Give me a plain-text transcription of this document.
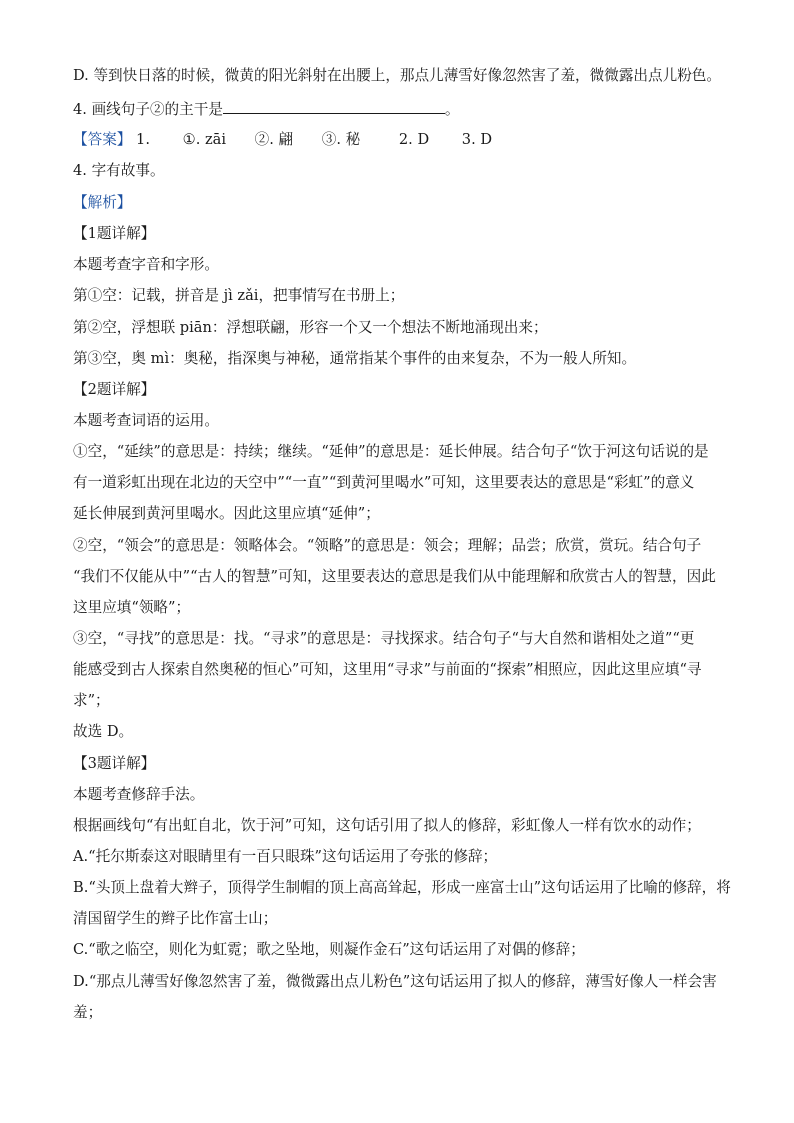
D. 等到快日落的时候，微黄的阳光斜射在出腰上，那点儿薄雪好像忽然害了羞，微微露出点儿粉色。
4. 画线句子②的主干是	。
【答案】 1. ①. zāi ②. 翩 ③. 秘	2. D 3. D
4. 字有故事。
【解析】
【1题详解】
本题考查字音和字形。
第①空：记载，拼音是 jì zǎi，把事情写在书册上；
第②空，浮想联 piān：浮想联翩，形容一个又一个想法不断地涌现出来；
第③空，奥 mì：奥秘，指深奥与神秘，通常指某个事件的由来复杂，不为一般人所知。
【2题详解】
本题考查词语的运用。
①空，“延续”的意思是：持续；继续。“延伸”的意思是：延长伸展。结合句子“饮于河这句话说的是
有一道彩虹出现在北边的天空中”“一直”“到黄河里喝水”可知，这里要表达的意思是“彩虹”的意义
延长伸展到黄河里喝水。因此这里应填“延伸”；
②空，“领会”的意思是：领略体会。“领略”的意思是：领会；理解；品尝；欣赏，赏玩。结合句子
“我们不仅能从中”“古人的智慧”可知，这里要表达的意思是我们从中能理解和欣赏古人的智慧，因此
这里应填“领略”；
③空，“寻找”的意思是：找。“寻求”的意思是：寻找探求。结合句子“与大自然和谐相处之道”“更
能感受到古人探索自然奥秘的恒心”可知，这里用“寻求”与前面的“探索”相照应，因此这里应填“寻
求”；
故选 D。
【3题详解】
本题考查修辞手法。
根据画线句“有出虹自北，饮于河”可知，这句话引用了拟人的修辞，彩虹像人一样有饮水的动作；
A.“托尔斯泰这对眼睛里有一百只眼珠”这句话运用了夸张的修辞；
B.“头顶上盘着大辫子，顶得学生制帽的顶上高高耸起，形成一座富士山”这句话运用了比喻的修辞，将
清国留学生的辫子比作富士山；
C.“歌之临空，则化为虹霓；歌之坠地，则凝作金石”这句话运用了对偶的修辞；
D.“那点儿薄雪好像忽然害了羞，微微露出点儿粉色”这句话运用了拟人的修辞，薄雪好像人一样会害
羞；
